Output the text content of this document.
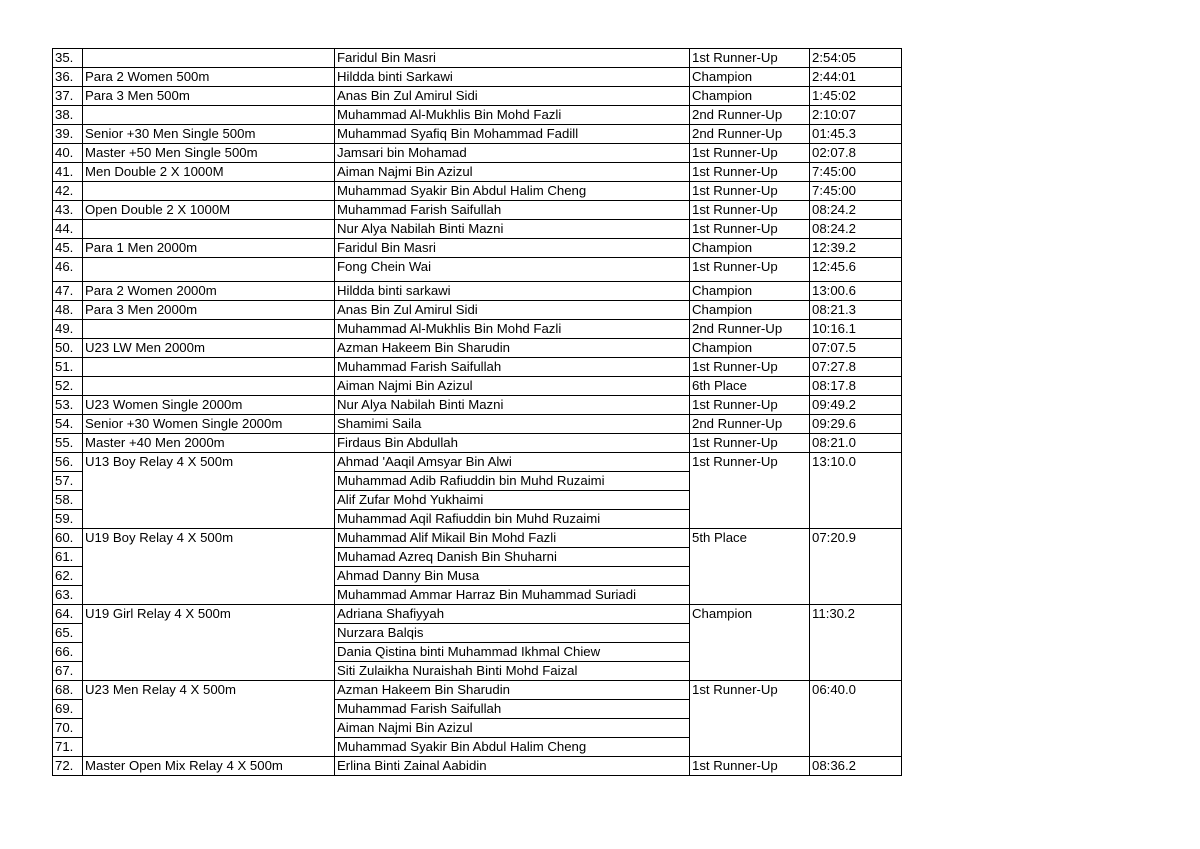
35.		Faridul Bin Masri	1st Runner-Up	2:54:05
36.	Para 2 Women 500m	Hildda binti Sarkawi	Champion	2:44:01
37.	Para 3 Men 500m	Anas Bin Zul Amirul Sidi	Champion	1:45:02
38.		Muhammad Al-Mukhlis Bin Mohd Fazli	2nd Runner-Up	2:10:07
39.	Senior +30 Men Single 500m	Muhammad Syafiq Bin Mohammad Fadill	2nd Runner-Up	01:45.3
40.	Master +50 Men Single 500m	Jamsari bin Mohamad	1st Runner-Up	02:07.8
41.	Men Double 2 X 1000M	Aiman Najmi Bin Azizul	1st Runner-Up	7:45:00
42.		Muhammad Syakir Bin Abdul Halim Cheng	1st Runner-Up	7:45:00
43.	Open Double 2 X 1000M	Muhammad Farish Saifullah	1st Runner-Up	08:24.2
44.		Nur Alya Nabilah Binti Mazni	1st Runner-Up	08:24.2
45.	Para 1 Men 2000m	Faridul Bin Masri	Champion	12:39.2
46.		Fong Chein Wai	1st Runner-Up	12:45.6
47.	Para 2 Women 2000m	Hildda binti sarkawi	Champion	13:00.6
48.	Para 3 Men 2000m	Anas Bin Zul Amirul Sidi	Champion	08:21.3
49.		Muhammad Al-Mukhlis Bin Mohd Fazli	2nd Runner-Up	10:16.1
50.	U23 LW Men 2000m	Azman Hakeem Bin Sharudin	Champion	07:07.5
51.		Muhammad Farish Saifullah	1st Runner-Up	07:27.8
52.		Aiman Najmi Bin Azizul	6th Place	08:17.8
53.	U23 Women Single 2000m	Nur Alya Nabilah Binti Mazni	1st Runner-Up	09:49.2
54.	Senior +30 Women Single 2000m	Shamimi Saila	2nd Runner-Up	09:29.6
55.	Master +40 Men 2000m	Firdaus Bin Abdullah	1st Runner-Up	08:21.0
56.	U13 Boy Relay 4 X 500m	Ahmad 'Aaqil Amsyar Bin Alwi	1st Runner-Up	13:10.0
57.		Muhammad Adib Rafiuddin bin Muhd Ruzaimi		
58.		Alif Zufar Mohd Yukhaimi		
59.		Muhammad Aqil Rafiuddin bin Muhd Ruzaimi		
60.	U19 Boy Relay 4 X 500m	Muhammad Alif Mikail Bin Mohd Fazli	5th Place	07:20.9
61.		Muhamad Azreq Danish Bin Shuharni		
62.		Ahmad Danny Bin Musa		
63.		Muhammad Ammar Harraz Bin Muhammad Suriadi		
64.	U19 Girl Relay 4 X 500m	Adriana Shafiyyah	Champion	11:30.2
65.		Nurzara Balqis		
66.		Dania Qistina binti Muhammad Ikhmal Chiew		
67.		Siti Zulaikha Nuraishah Binti Mohd Faizal		
68.	U23 Men Relay 4 X 500m	Azman Hakeem Bin Sharudin	1st Runner-Up	06:40.0
69.		Muhammad Farish Saifullah		
70.		Aiman Najmi Bin Azizul		
71.		Muhammad Syakir Bin Abdul Halim Cheng		
72.	Master Open Mix Relay 4 X 500m	Erlina Binti Zainal Aabidin	1st Runner-Up	08:36.2
